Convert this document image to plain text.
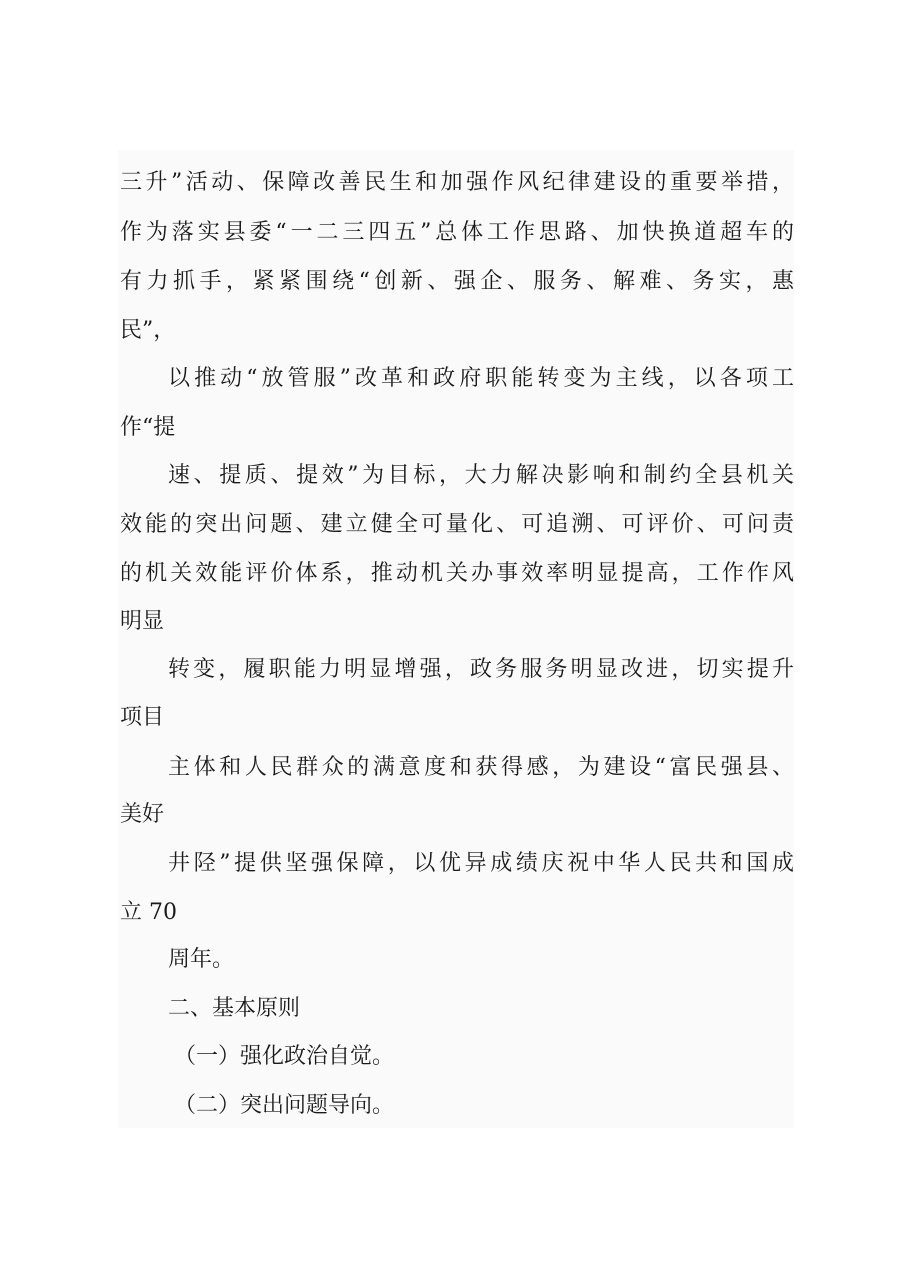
三升”活动、保障改善民生和加强作风纪律建设的重要举措，
作为落实县委“一二三四五”总体工作思路、加快换道超车的
有力抓手，紧紧围绕“创新、强企、服务、解难、务实，惠
民”，
以推动“放管服”改革和政府职能转变为主线，以各项工
作“提
速、提质、提效”为目标，大力解决影响和制约全县机关
效能的突出问题、建立健全可量化、可追溯、可评价、可问责
的机关效能评价体系，推动机关办事效率明显提高，工作作风
明显
转变，履职能力明显增强，政务服务明显改进，切实提升
项目
主体和人民群众的满意度和获得感，为建设“富民强县、
美好
井陉”提供坚强保障，以优异成绩庆祝中华人民共和国成
立 70
周年。
二、基本原则
（一）强化政治自觉。
（二）突出问题导向。
